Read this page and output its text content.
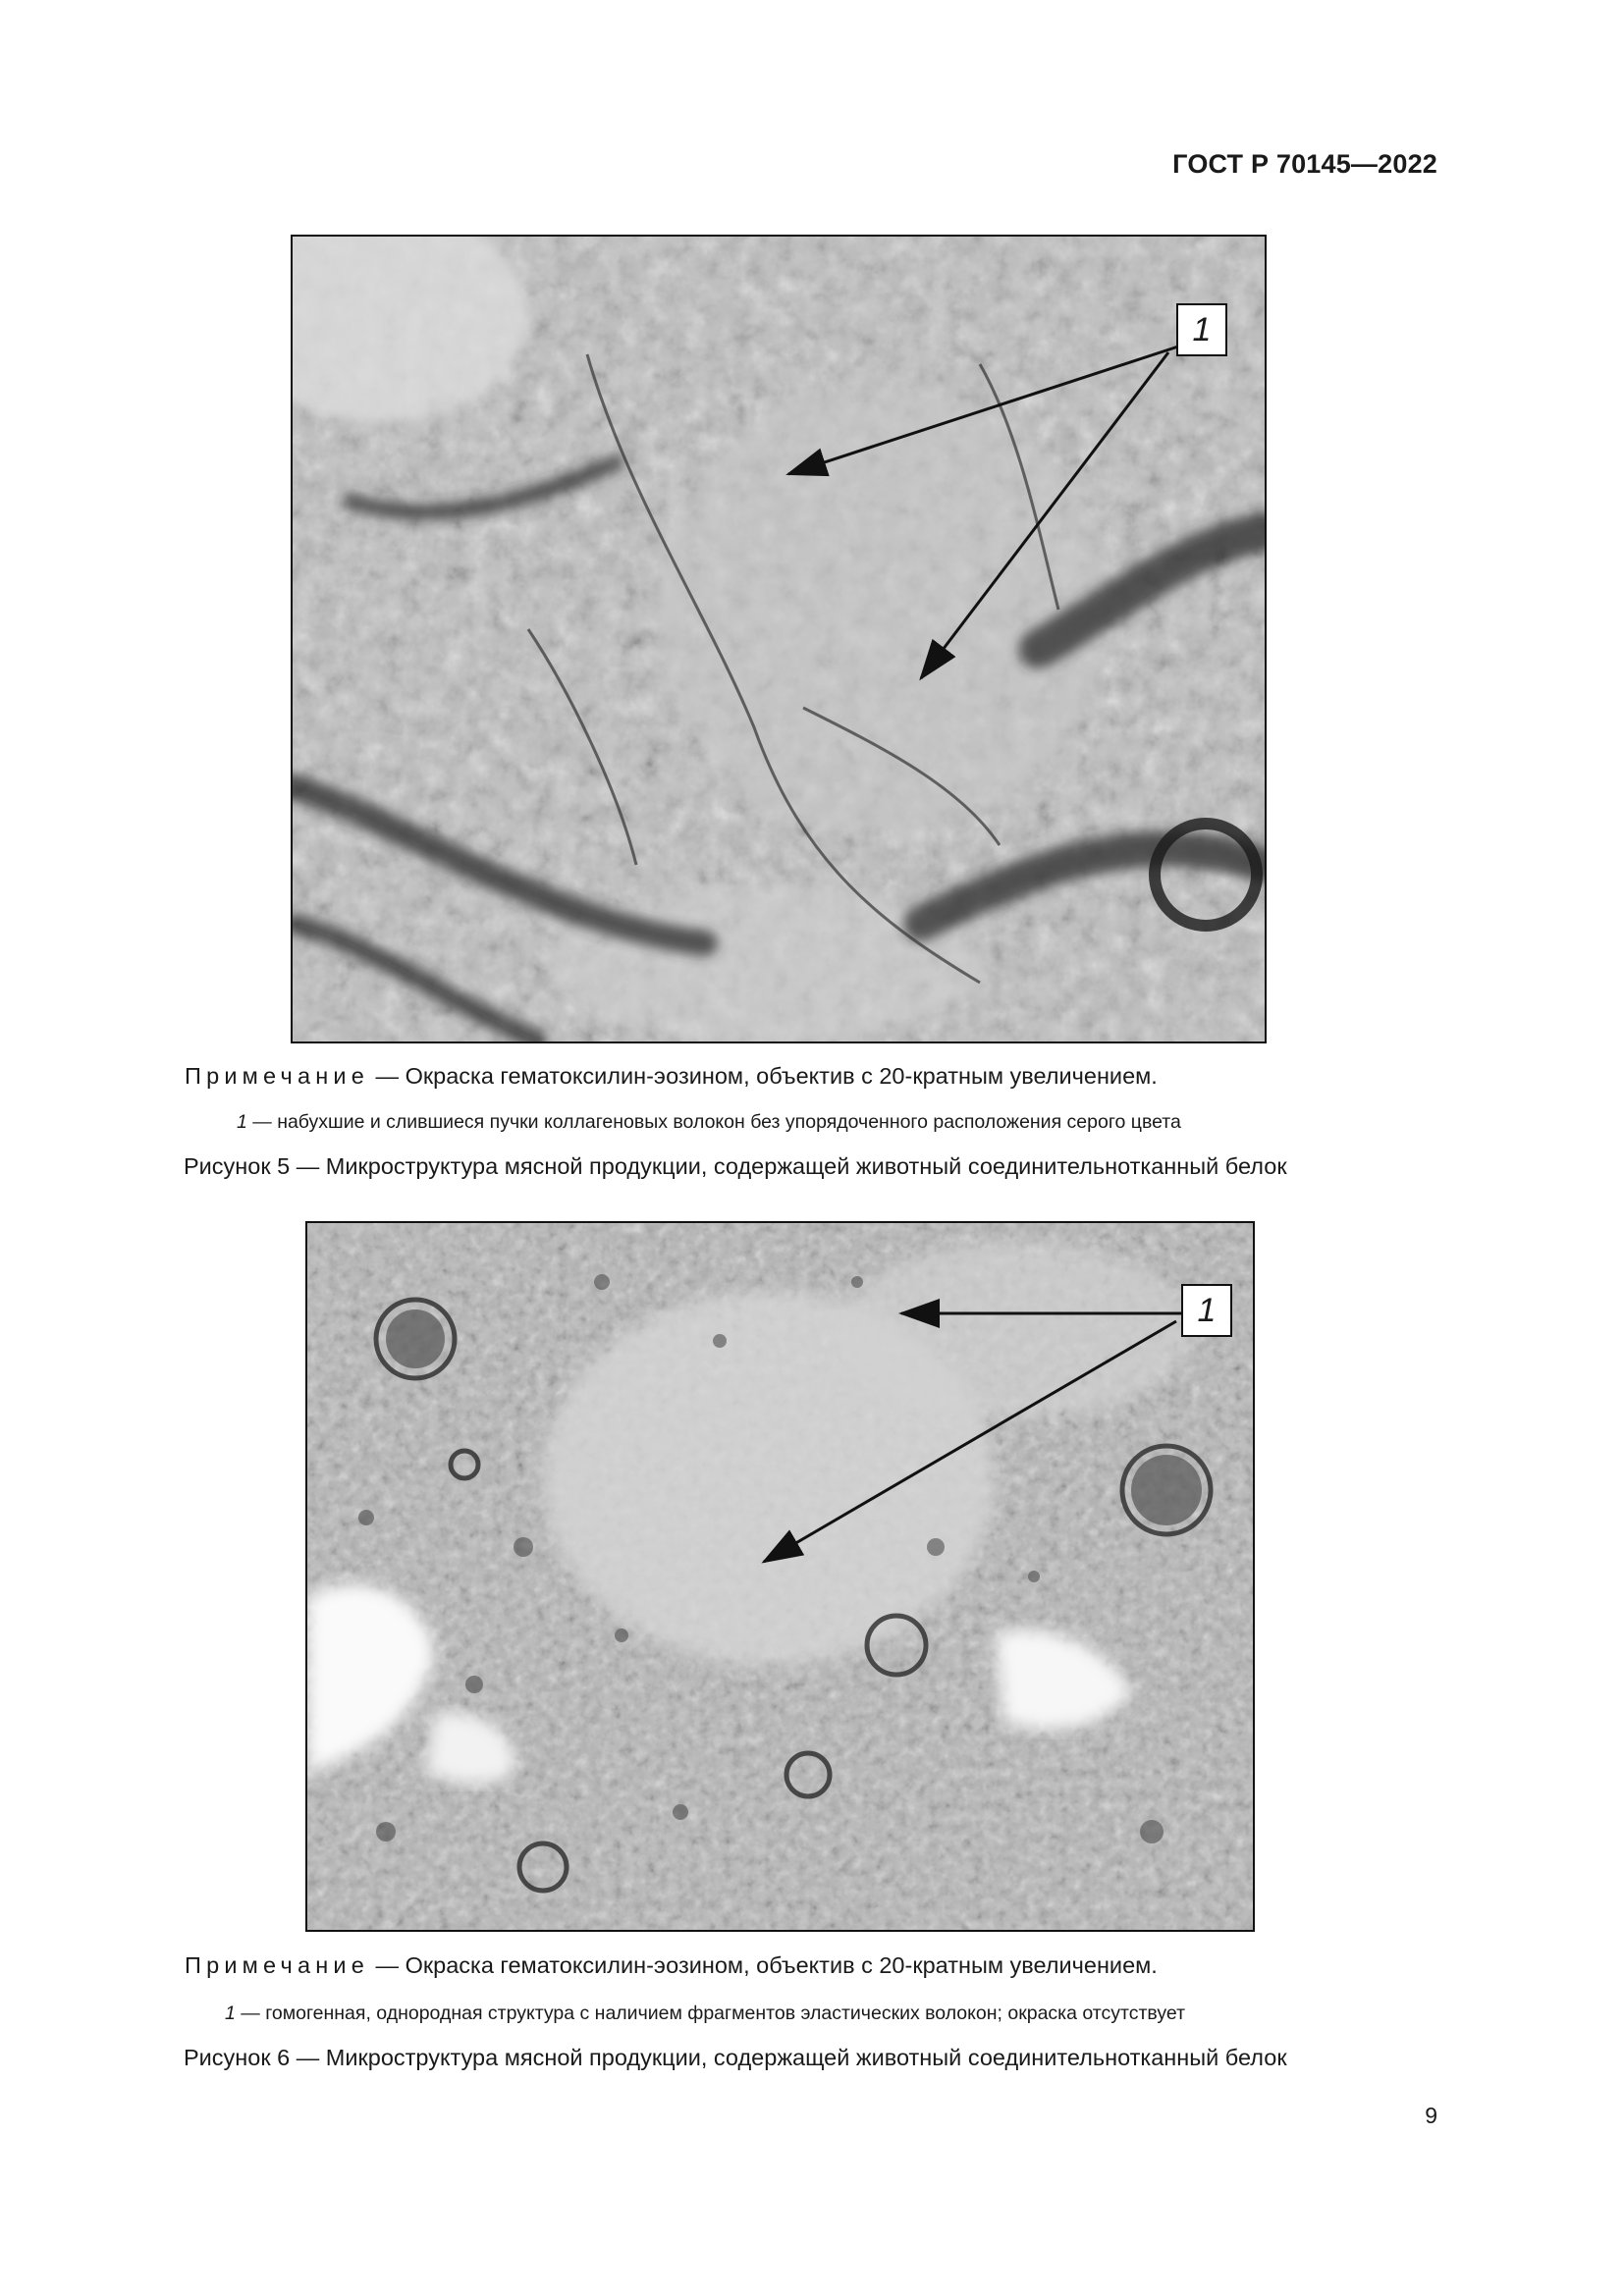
ГОСТ Р 70145—2022
1
Примечание — Окраска гематоксилин-эозином, объектив с 20-кратным увеличением.
1 — набухшие и слившиеся пучки коллагеновых волокон без упорядоченного расположения серого цвета
Рисунок 5 — Микроструктура мясной продукции, содержащей животный соединительнотканный белок
1
Примечание — Окраска гематоксилин-эозином, объектив с 20-кратным увеличением.
1 — гомогенная, однородная структура с наличием фрагментов эластических волокон; окраска отсутствует
Рисунок 6 — Микроструктура мясной продукции, содержащей животный соединительнотканный белок
9
